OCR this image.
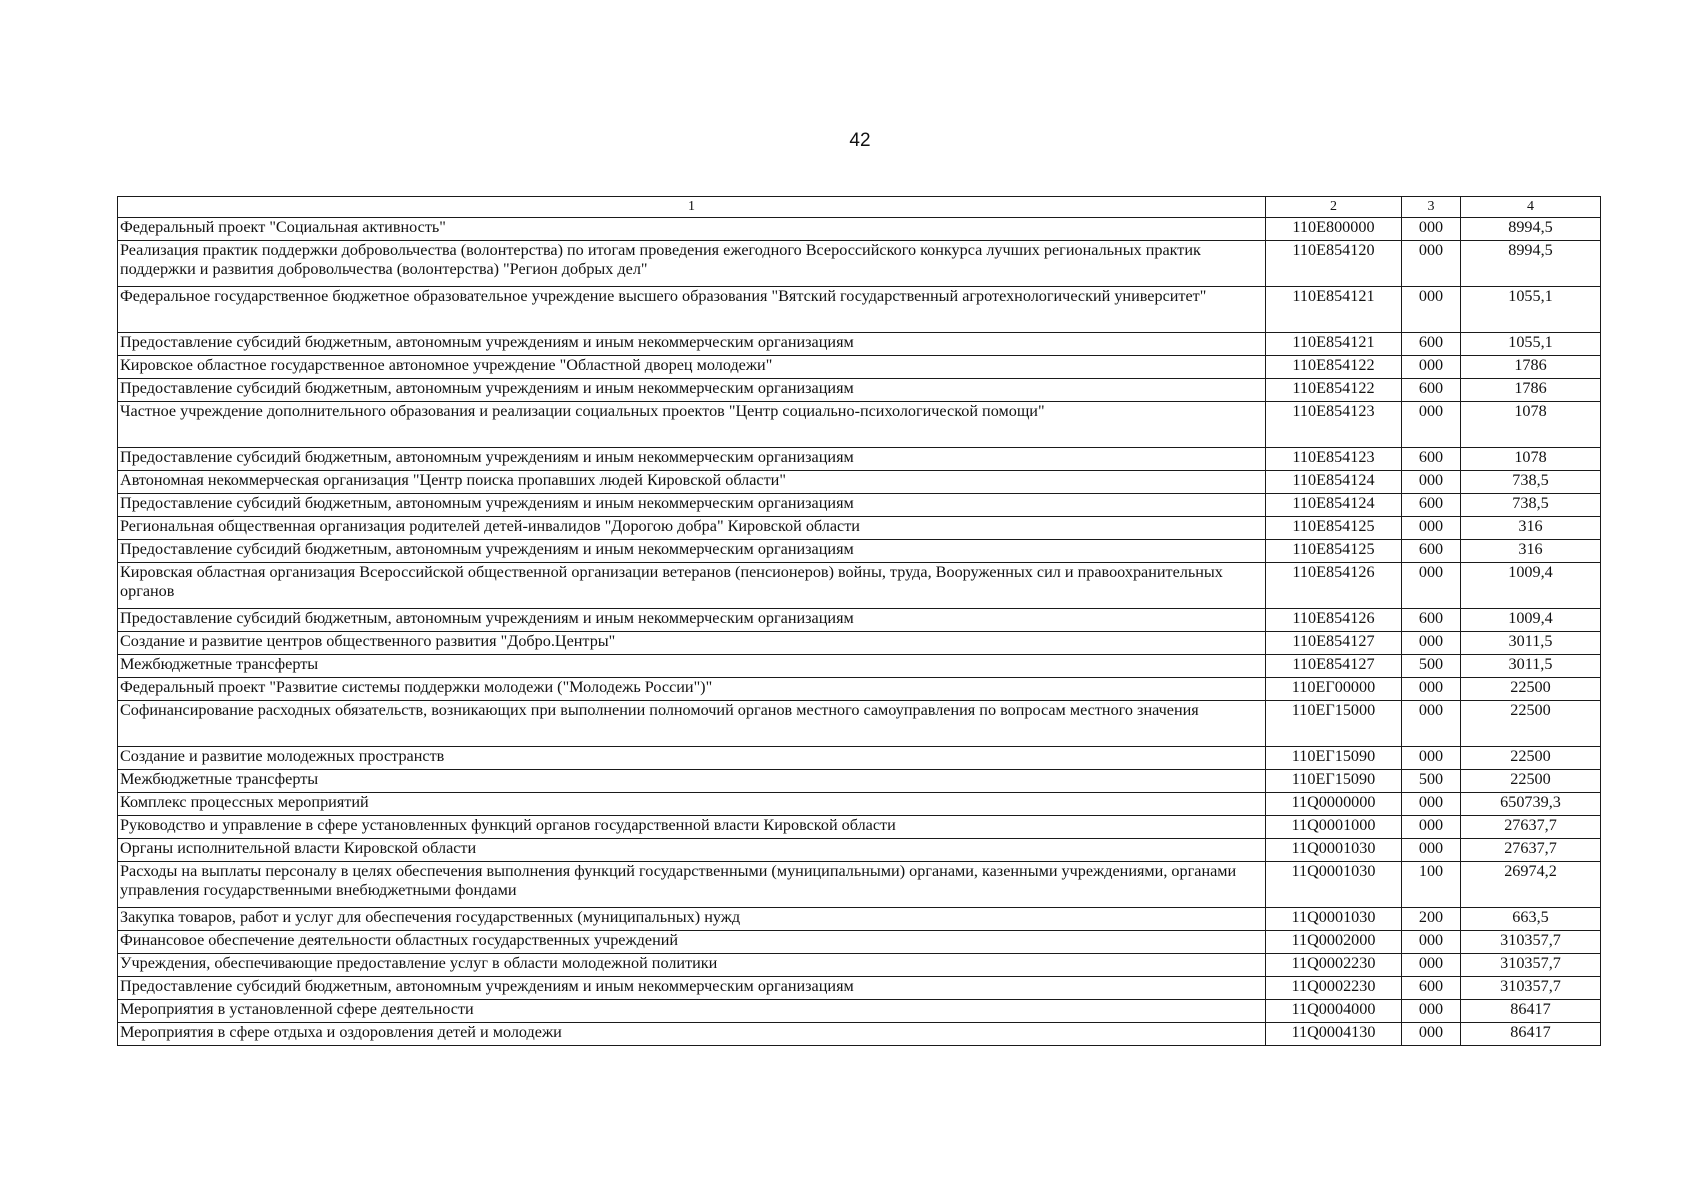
42
1	2	3	4
Федеральный проект "Социальная активность"	110E800000	000	8994,5
Реализация практик поддержки добровольчества (волонтерства) по итогам проведения ежегодного Всероссийского конкурса лучших региональных практик поддержки и развития добровольчества (волонтерства) "Регион добрых дел"	110E854120	000	8994,5
Федеральное государственное бюджетное образовательное учреждение высшего образования "Вятский государственный агротехнологический университет"	110E854121	000	1055,1
Предоставление субсидий бюджетным, автономным учреждениям и иным некоммерческим организациям	110E854121	600	1055,1
Кировское областное государственное автономное учреждение "Областной дворец молодежи"	110E854122	000	1786
Предоставление субсидий бюджетным, автономным учреждениям и иным некоммерческим организациям	110E854122	600	1786
Частное учреждение дополнительного образования и реализации социальных проектов "Центр социально-психологической помощи"	110E854123	000	1078
Предоставление субсидий бюджетным, автономным учреждениям и иным некоммерческим организациям	110E854123	600	1078
Автономная некоммерческая организация "Центр поиска пропавших людей Кировской области"	110E854124	000	738,5
Предоставление субсидий бюджетным, автономным учреждениям и иным некоммерческим организациям	110E854124	600	738,5
Региональная общественная организация родителей детей-инвалидов "Дорогою добра" Кировской области	110E854125	000	316
Предоставление субсидий бюджетным, автономным учреждениям и иным некоммерческим организациям	110E854125	600	316
Кировская областная организация Всероссийской общественной организации ветеранов (пенсионеров) войны, труда, Вооруженных сил и правоохранительных органов	110E854126	000	1009,4
Предоставление субсидий бюджетным, автономным учреждениям и иным некоммерческим организациям	110E854126	600	1009,4
Создание и развитие центров общественного развития "Добро.Центры"	110E854127	000	3011,5
Межбюджетные трансферты	110E854127	500	3011,5
Федеральный проект "Развитие системы поддержки молодежи ("Молодежь России")"	110EГ00000	000	22500
Софинансирование расходных обязательств, возникающих при выполнении полномочий органов местного самоуправления по вопросам местного значения	110EГ15000	000	22500
Создание и развитие молодежных пространств	110EГ15090	000	22500
Межбюджетные трансферты	110EГ15090	500	22500
Комплекс процессных мероприятий	11Q0000000	000	650739,3
Руководство и управление в сфере установленных функций органов государственной власти Кировской области	11Q0001000	000	27637,7
Органы исполнительной власти Кировской области	11Q0001030	000	27637,7
Расходы на выплаты персоналу в целях обеспечения выполнения функций государственными (муниципальными) органами, казенными учреждениями, органами управления государственными внебюджетными фондами	11Q0001030	100	26974,2
Закупка товаров, работ и услуг для обеспечения государственных (муниципальных) нужд	11Q0001030	200	663,5
Финансовое обеспечение деятельности областных государственных учреждений	11Q0002000	000	310357,7
Учреждения, обеспечивающие предоставление услуг в области молодежной политики	11Q0002230	000	310357,7
Предоставление субсидий бюджетным, автономным учреждениям и иным некоммерческим организациям	11Q0002230	600	310357,7
Мероприятия в установленной сфере деятельности	11Q0004000	000	86417
Мероприятия в сфере отдыха и оздоровления детей и молодежи	11Q0004130	000	86417
